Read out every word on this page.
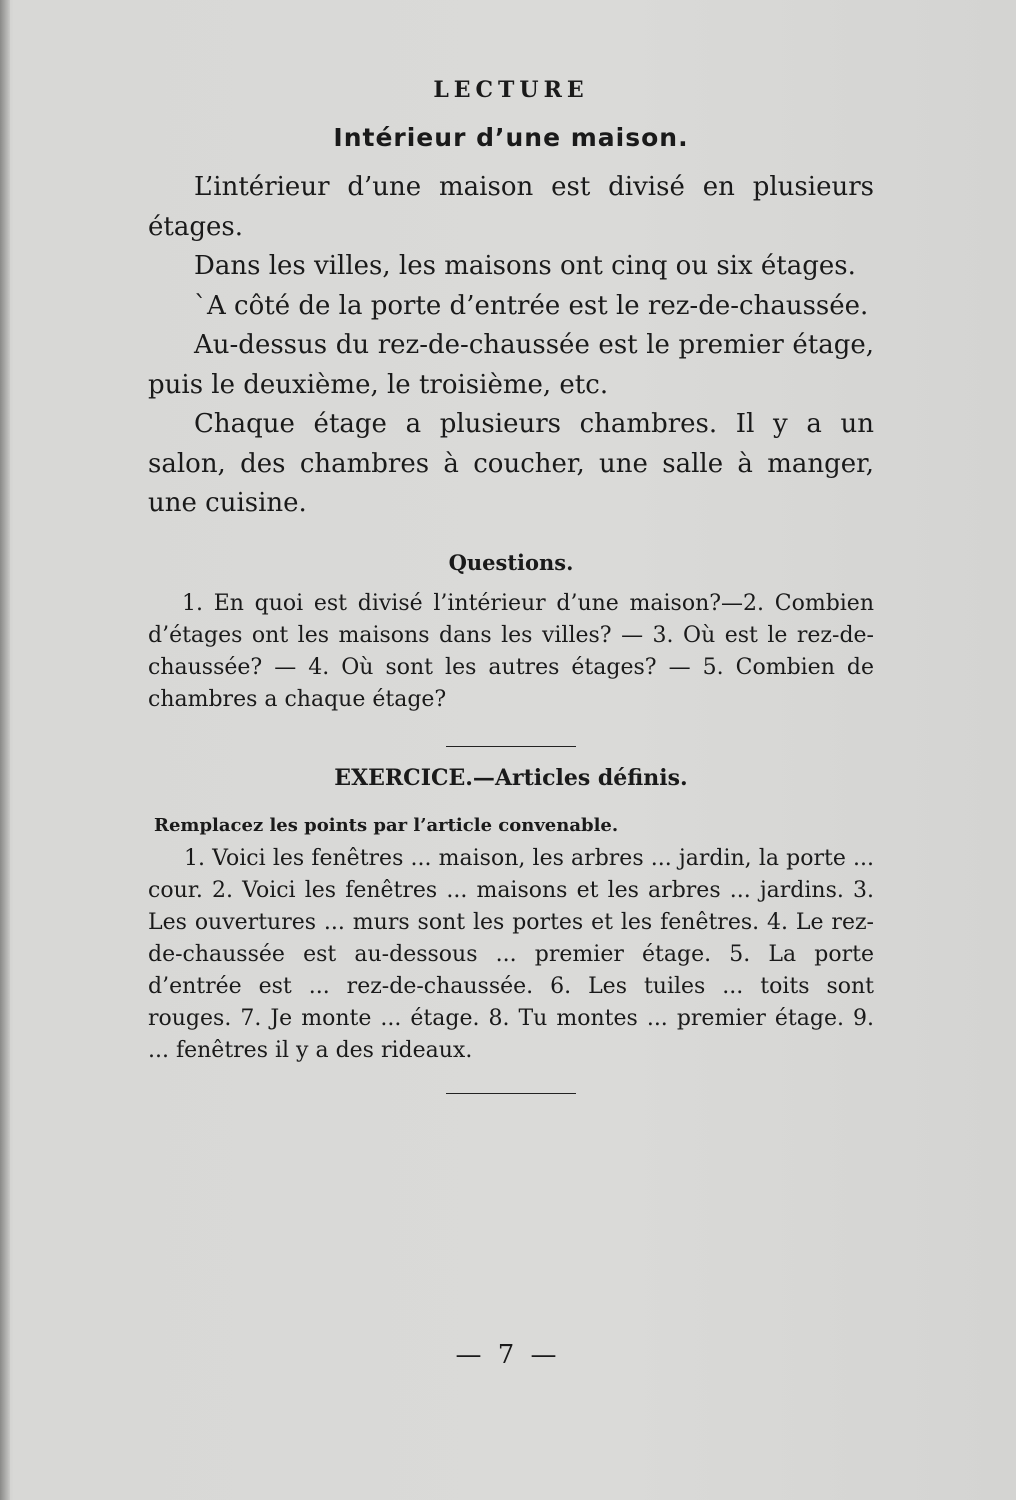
LECTURE
Intérieur d’une maison.

L’intérieur d’une maison est divisé en plusieurs étages.

Dans les villes, les maisons ont cinq ou six étages.

`A côté de la porte d’entrée est le rez-de-chaussée.

Au-dessus du rez-de-chaussée est le premier étage, puis le deuxième, le troisième, etc.

Chaque étage a plusieurs chambres. Il y a un salon, des chambres à coucher, une salle à manger, une cuisine.

Questions.

1. En quoi est divisé l’intérieur d’une maison?—2. Combien d’étages ont les maisons dans les villes? — 3. Où est le rez-de-chaussée? — 4. Où sont les autres étages? — 5. Combien de chambres a chaque étage?

EXERCICE.—Articles définis.

Remplacez les points par l’article convenable.

1. Voici les fenêtres ... maison, les arbres ... jardin, la porte ... cour. 2. Voici les fenêtres ... maisons et les arbres ... jardins. 3. Les ouvertures ... murs sont les portes et les fenêtres. 4. Le rez-de-chaussée est au-dessous ... premier étage. 5. La porte d’entrée est ... rez-de-chaussée. 6. Les tuiles ... toits sont rouges. 7. Je monte ... étage. 8. Tu montes ... premier étage. 9. ... fenêtres il y a des rideaux.

— 7 —
